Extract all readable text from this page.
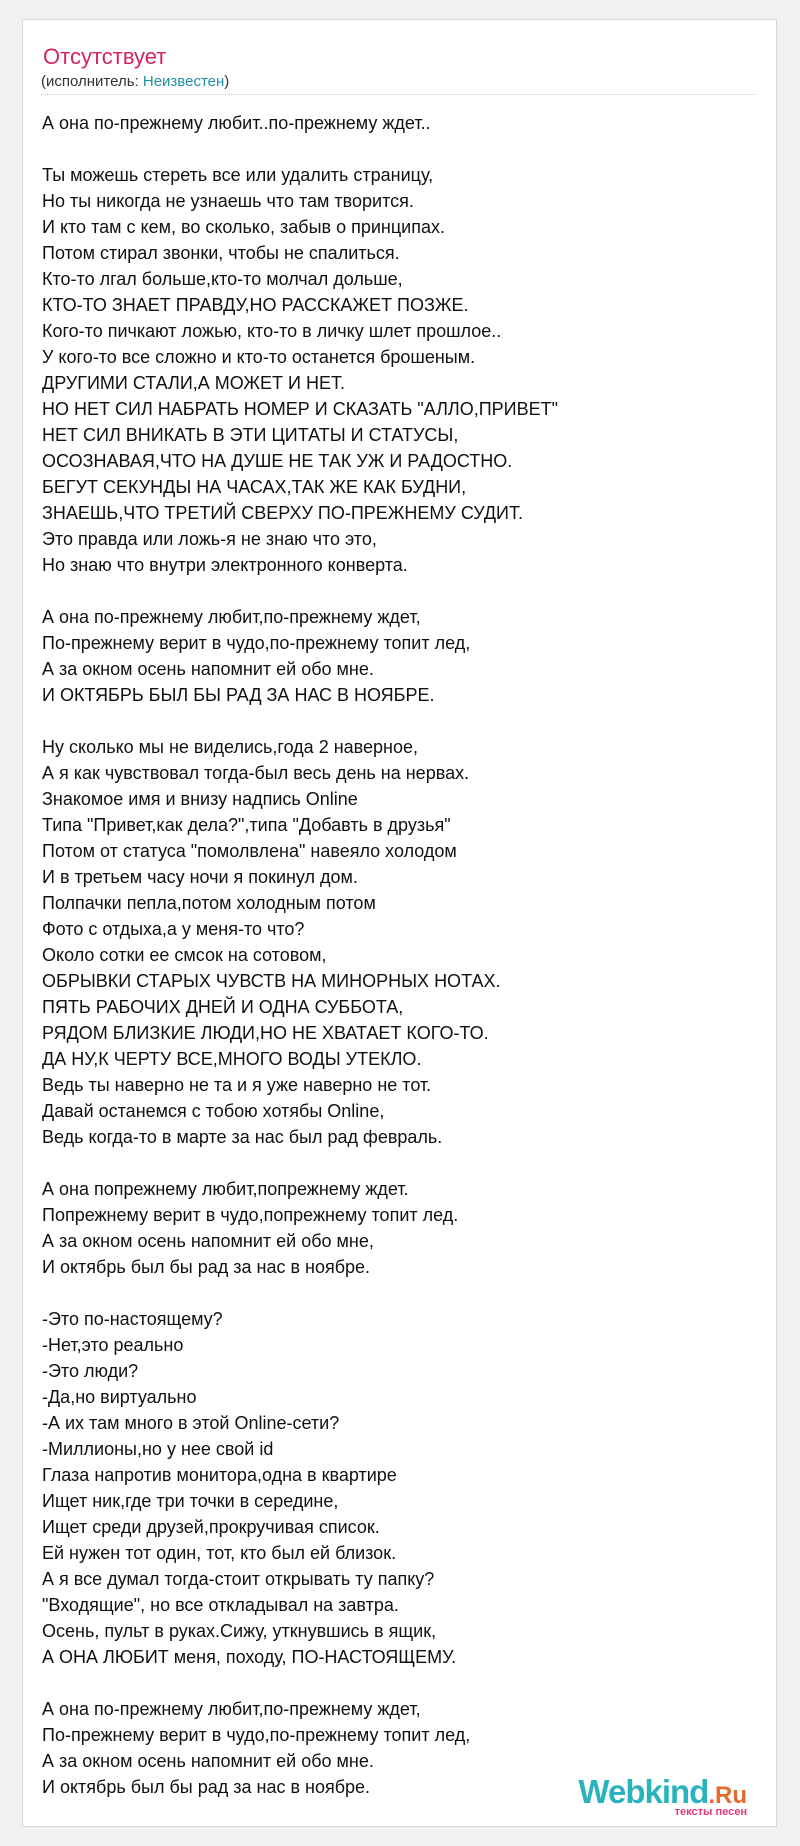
Отсутствует
(исполнитель: Неизвестен)
А она по-прежнему любит..по-прежнему ждет..
Ты можешь стереть все или удалить страницу,
Но ты никогда не узнаешь что там творится.
И кто там с кем, во сколько, забыв о принципах.
Потом стирал звонки, чтобы не спалиться.
Кто-то лгал больше,кто-то молчал дольше,
КТО-ТО ЗНАЕТ ПРАВДУ,НО РАССКАЖЕТ ПОЗЖЕ.
Кого-то пичкают ложью, кто-то в личку шлет прошлое..
У кого-то все сложно и кто-то останется брошеным.
ДРУГИМИ СТАЛИ,А МОЖЕТ И НЕТ.
НО НЕТ СИЛ НАБРАТЬ НОМЕР И СКАЗАТЬ "АЛЛО,ПРИВЕТ"
НЕТ СИЛ ВНИКАТЬ В ЭТИ ЦИТАТЫ И СТАТУСЫ,
ОСОЗНАВАЯ,ЧТО НА ДУШЕ НЕ ТАК УЖ И РАДОСТНО.
БЕГУТ СЕКУНДЫ НА ЧАСАХ,ТАК ЖЕ КАК БУДНИ,
ЗНАЕШЬ,ЧТО ТРЕТИЙ СВЕРХУ ПО-ПРЕЖНЕМУ СУДИТ.
Это правда или ложь-я не знаю что это,
Но знаю что внутри электронного конверта.
А она по-прежнему любит,по-прежнему ждет,
По-прежнему верит в чудо,по-прежнему топит лед,
А за окном осень напомнит ей обо мне.
И ОКТЯБРЬ БЫЛ БЫ РАД ЗА НАС В НОЯБРЕ.
Ну сколько мы не виделись,года 2 наверное,
А я как чувствовал тогда-был весь день на нервах.
Знакомое имя и внизу надпись Online
Типа "Привет,как дела?",типа "Добавть в друзья"
Потом от статуса "помолвлена" навеяло холодом
И в третьем часу ночи я покинул дом.
Полпачки пепла,потом холодным потом
Фото с отдыха,а у меня-то что?
Около сотки ее смсок на сотовом,
ОБРЫВКИ СТАРЫХ ЧУВСТВ НА МИНОРНЫХ НОТАХ.
ПЯТЬ РАБОЧИХ ДНЕЙ И ОДНА СУББОТА,
РЯДОМ БЛИЗКИЕ ЛЮДИ,НО НЕ ХВАТАЕТ КОГО-ТО.
ДА НУ,К ЧЕРТУ ВСЕ,МНОГО ВОДЫ УТЕКЛО.
Ведь ты наверно не та и я уже наверно не тот.
Давай останемся с тобою хотябы Online,
Ведь когда-то в марте за нас был рад февраль.
А она попрежнему любит,попрежнему ждет.
Попрежнему верит в чудо,попрежнему топит лед.
А за окном осень напомнит ей обо мне,
И октябрь был бы рад за нас в ноябре.
-Это по-настоящему?
-Нет,это реально
-Это люди?
-Да,но виртуально
-А их там много в этой Online-сети?
-Миллионы,но у нее свой id
Глаза напротив монитора,одна в квартире
Ищет ник,где три точки в середине,
Ищет среди друзей,прокручивая список.
Ей нужен тот один, тот, кто был ей близок.
А я все думал тогда-стоит открывать ту папку?
"Входящие", но все откладывал на завтра.
Осень, пульт в руках.Сижу, уткнувшись в ящик,
А ОНА ЛЮБИТ меня, походу, ПО-НАСТОЯЩЕМУ.
А она по-прежнему любит,по-прежнему ждет,
По-прежнему верит в чудо,по-прежнему топит лед,
А за окном осень напомнит ей обо мне.
И октябрь был бы рад за нас в ноябре.	Webkind.Ru
тексты песен
